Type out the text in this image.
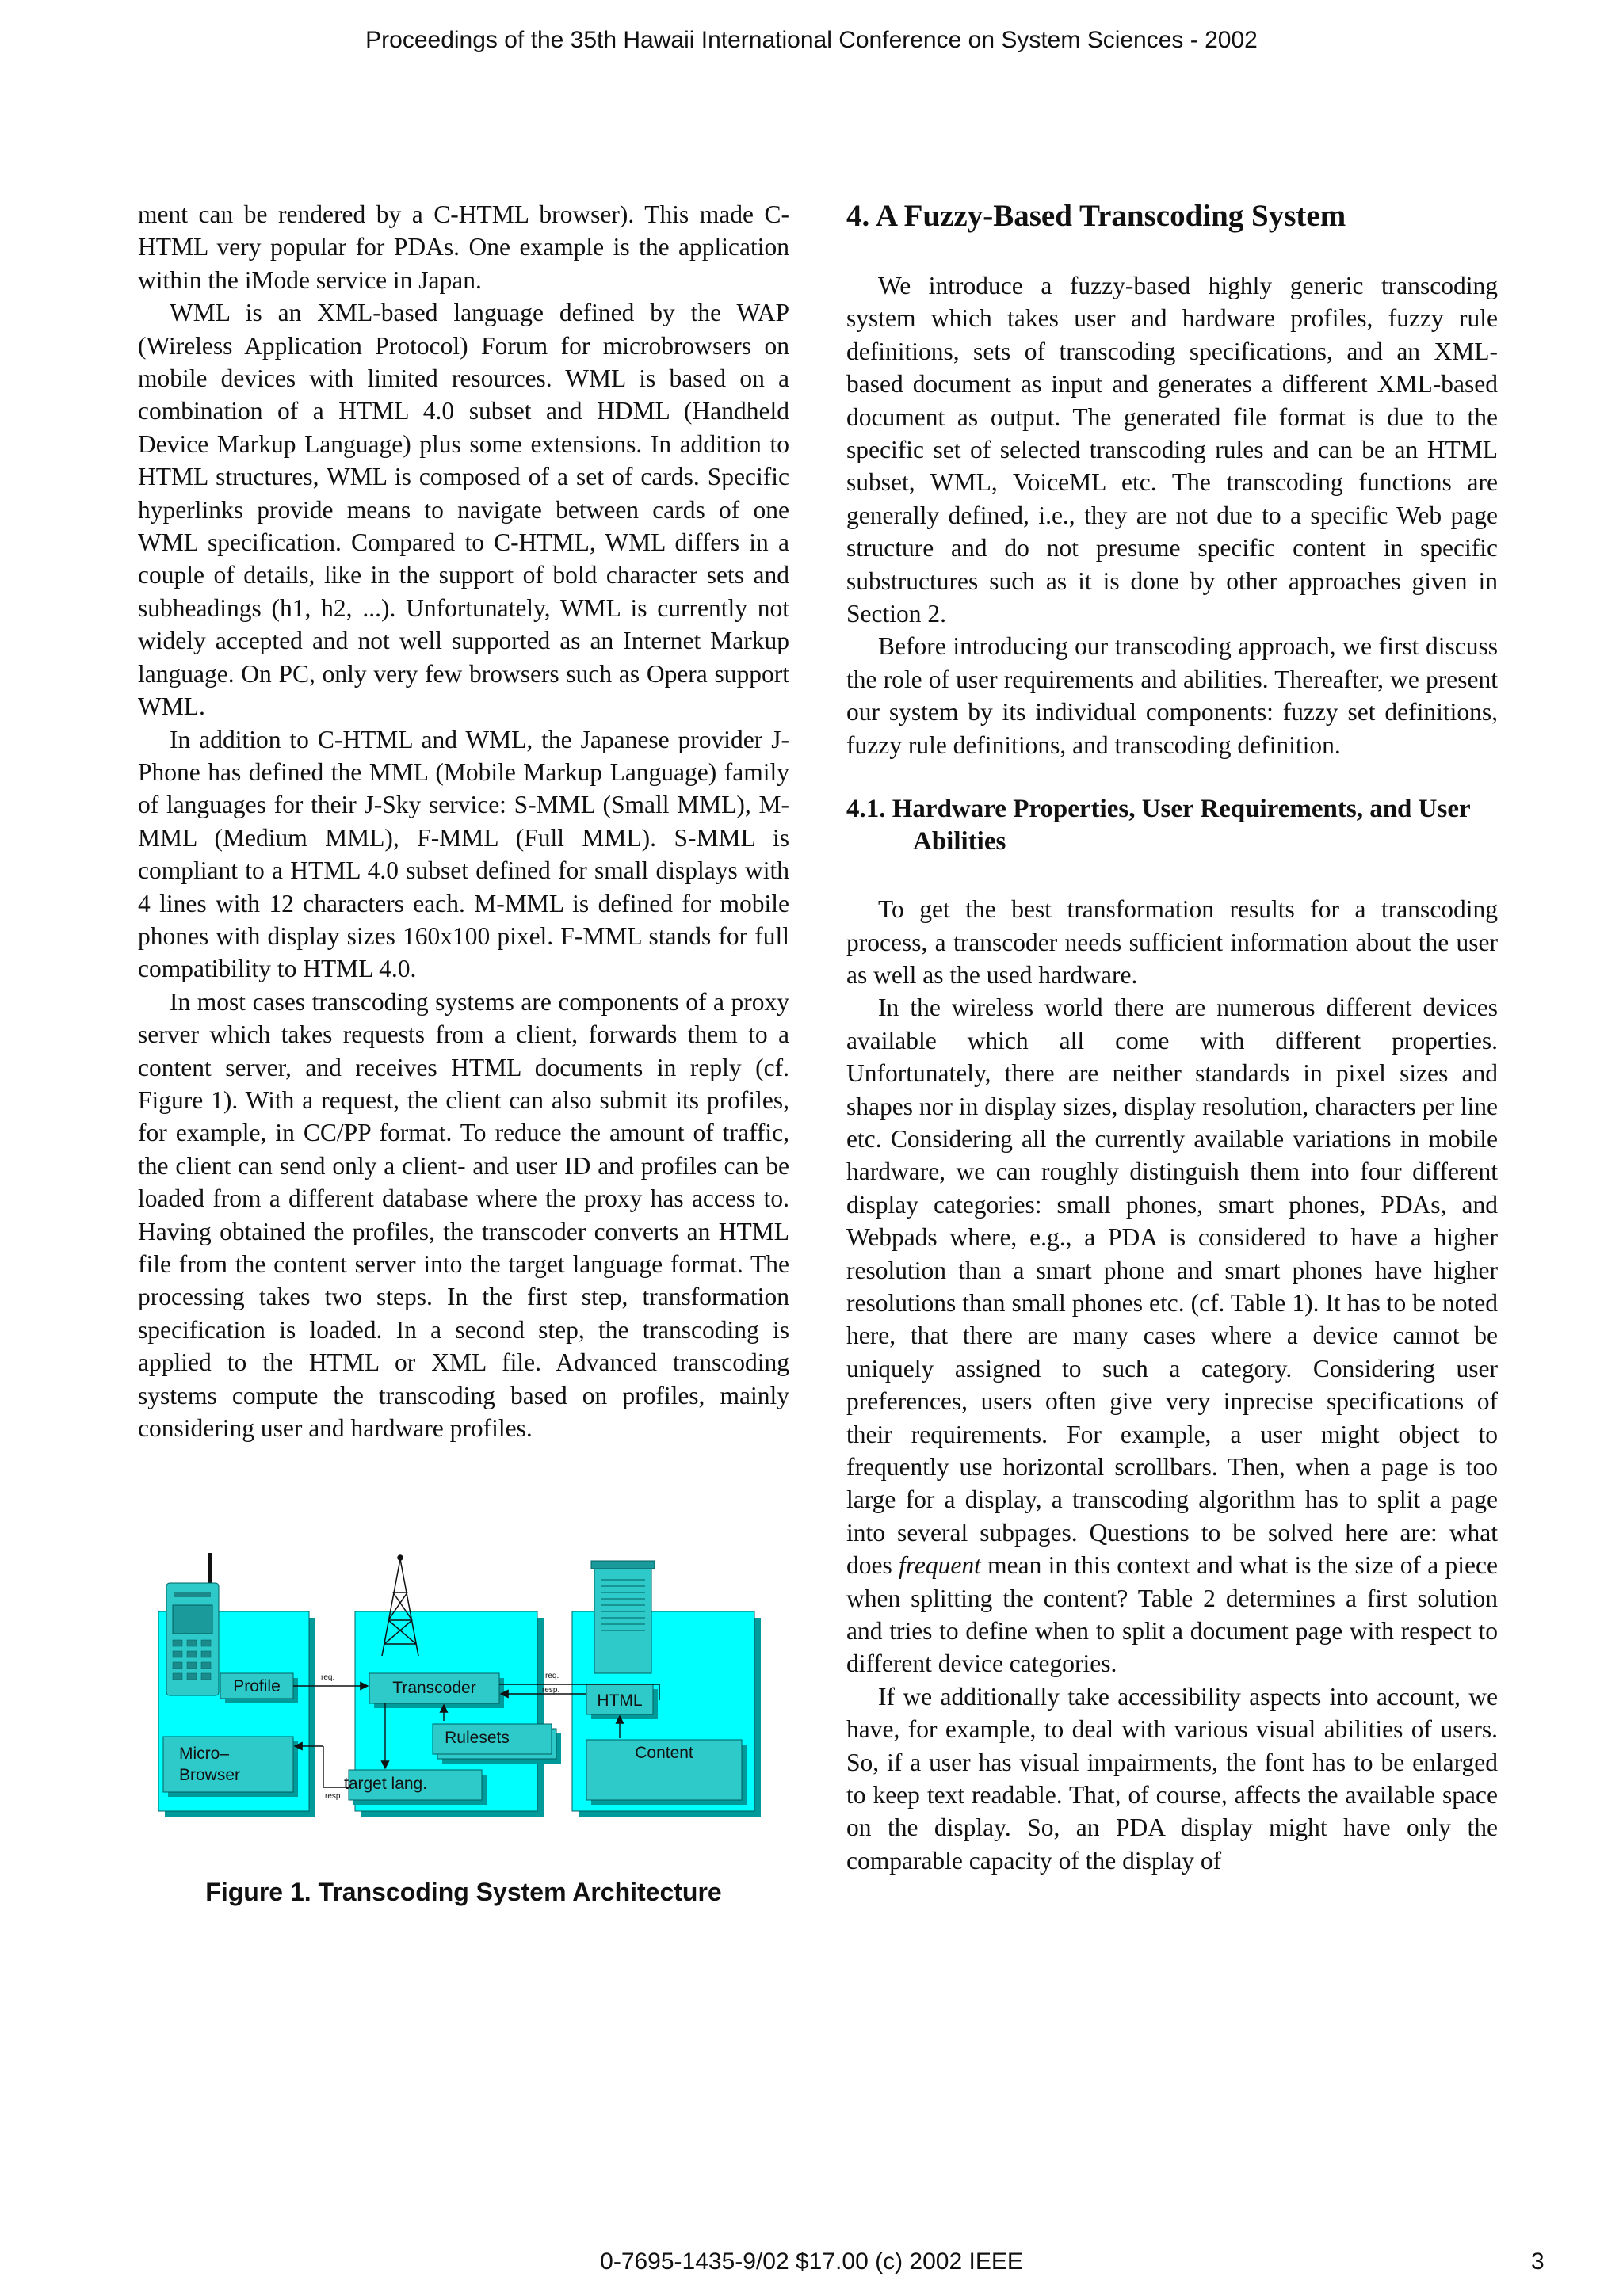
Proceedings of the 35th Hawaii International Conference on System Sciences - 2002

ment can be rendered by a C-HTML browser). This made C-HTML very popular for PDAs. One example is the application within the iMode service in Japan.

WML is an XML-based language defined by the WAP (Wireless Application Protocol) Forum for microbrowsers on mobile devices with limited resources. WML is based on a combination of a HTML 4.0 subset and HDML (Handheld Device Markup Language) plus some extensions. In addition to HTML structures, WML is composed of a set of cards. Specific hyperlinks provide means to navigate between cards of one WML specification. Compared to C-HTML, WML differs in a couple of details, like in the support of bold character sets and subheadings (h1, h2, ...). Unfortunately, WML is currently not widely accepted and not well supported as an Internet Markup language. On PC, only very few browsers such as Opera support WML.

In addition to C-HTML and WML, the Japanese provider J-Phone has defined the MML (Mobile Markup Language) family of languages for their J-Sky service: S-MML (Small MML), M-MML (Medium MML), F-MML (Full MML). S-MML is compliant to a HTML 4.0 subset defined for small displays with 4 lines with 12 characters each. M-MML is defined for mobile phones with display sizes 160x100 pixel. F-MML stands for full compatibility to HTML 4.0.

In most cases transcoding systems are components of a proxy server which takes requests from a client, forwards them to a content server, and receives HTML documents in reply (cf. Figure 1). With a request, the client can also submit its profiles, for example, in CC/PP format. To reduce the amount of traffic, the client can send only a client- and user ID and profiles can be loaded from a different database where the proxy has access to. Having obtained the profiles, the transcoder converts an HTML file from the content server into the target language format. The processing takes two steps. In the first step, transformation specification is loaded. In a second step, the transcoding is applied to the HTML or XML file. Advanced transcoding systems compute the transcoding based on profiles, mainly considering user and hardware profiles.

Profile
Micro–
Browser
Transcoder
Rulesets
target lang.
HTML
Content
req.	req.
resp.
resp.
Figure 1. Transcoding System Architecture
4. A Fuzzy-Based Transcoding System

We introduce a fuzzy-based highly generic transcoding system which takes user and hardware profiles, fuzzy rule definitions, sets of transcoding specifications, and an XML-based document as input and generates a different XML-based document as output. The generated file format is due to the specific set of selected transcoding rules and can be an HTML subset, WML, VoiceML etc. The transcoding functions are generally defined, i.e., they are not due to a specific Web page structure and do not presume specific content in specific substructures such as it is done by other approaches given in Section 2.

Before introducing our transcoding approach, we first discuss the role of user requirements and abilities. Thereafter, we present our system by its individual components: fuzzy set definitions, fuzzy rule definitions, and transcoding definition.

4.1. Hardware Properties, User Requirements, and User Abilities

To get the best transformation results for a transcoding process, a transcoder needs sufficient information about the user as well as the used hardware.

In the wireless world there are numerous different devices available which all come with different properties. Unfortunately, there are neither standards in pixel sizes and shapes nor in display sizes, display resolution, characters per line etc. Considering all the currently available variations in mobile hardware, we can roughly distinguish them into four different display categories: small phones, smart phones, PDAs, and Webpads where, e.g., a PDA is considered to have a higher resolution than a smart phone and smart phones have higher resolutions than small phones etc. (cf. Table 1). It has to be noted here, that there are many cases where a device cannot be uniquely assigned to such a category. Considering user preferences, users often give very inprecise specifications of their requirements. For example, a user might object to frequently use horizontal scrollbars. Then, when a page is too large for a display, a transcoding algorithm has to split a page into several subpages. Questions to be solved here are: what does frequent mean in this context and what is the size of a piece when splitting the content? Table 2 determines a first solution and tries to define when to split a document page with respect to different device categories.

If we additionally take accessibility aspects into account, we have, for example, to deal with various visual abilities of users. So, if a user has visual impairments, the font has to be enlarged to keep text readable. That, of course, affects the available space on the display. So, an PDA display might have only the comparable capacity of the display of

0-7695-1435-9/02 $17.00 (c) 2002 IEEE	3
